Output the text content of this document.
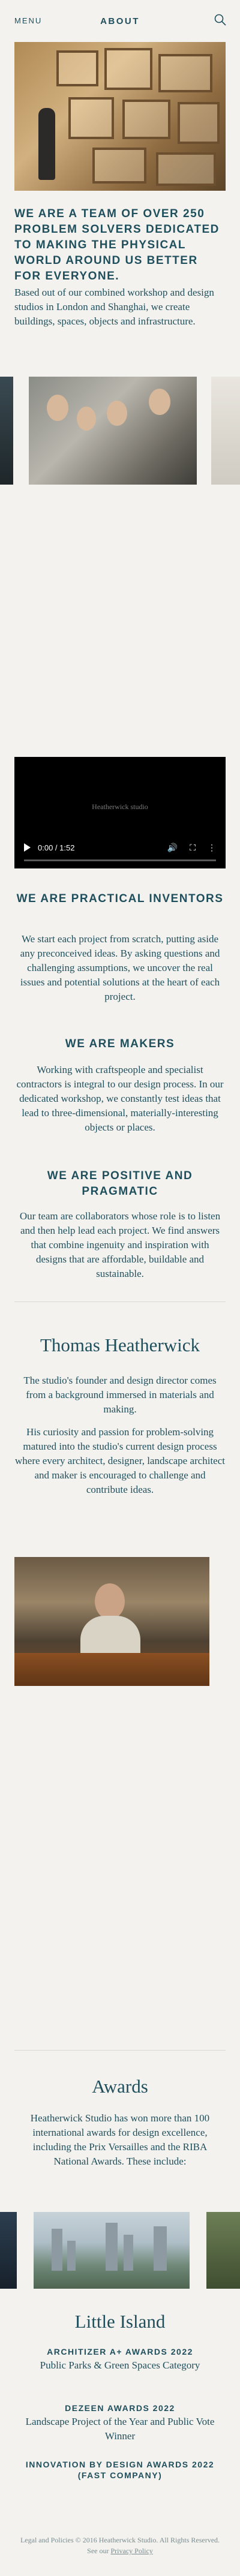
MENU	ABOUT
WE ARE A TEAM OF OVER 250 PROBLEM SOLVERS DEDICATED TO MAKING THE PHYSICAL WORLD AROUND US BETTER FOR EVERYONE.
Based out of our combined workshop and design studios in London and Shanghai, we create buildings, spaces, objects and infrastructure.
Heatherwick studio
0:00 / 1:52	🔊 ⛶ ⋮
WE ARE PRACTICAL INVENTORS
We start each project from scratch, putting aside any preconceived ideas. By asking questions and challenging assumptions, we uncover the real issues and potential solutions at the heart of each project.
WE ARE MAKERS
Working with craftspeople and specialist contractors is integral to our design process. In our dedicated workshop, we constantly test ideas that lead to three-dimensional, materially-interesting objects or places.
WE ARE POSITIVE AND PRAGMATIC
Our team are collaborators whose role is to listen and then help lead each project. We find answers that combine ingenuity and inspiration with designs that are affordable, buildable and sustainable.
Thomas Heatherwick
The studio's founder and design director comes from a background immersed in materials and making.
His curiosity and passion for problem-solving matured into the studio's current design process where every architect, designer, landscape architect and maker is encouraged to challenge and contribute ideas.
Awards
Heatherwick Studio has won more than 100 international awards for design excellence, including the Prix Versailles and the RIBA National Awards. These include:
Little Island
ARCHITIZER A+ AWARDS 2022
Public Parks & Green Spaces Category
DEZEEN AWARDS 2022
Landscape Project of the Year and Public Vote Winner
INNOVATION BY DESIGN AWARDS 2022 (FAST COMPANY)
Legal and Policies © 2016 Heatherwick Studio. All Rights Reserved. See our Privacy Policy
